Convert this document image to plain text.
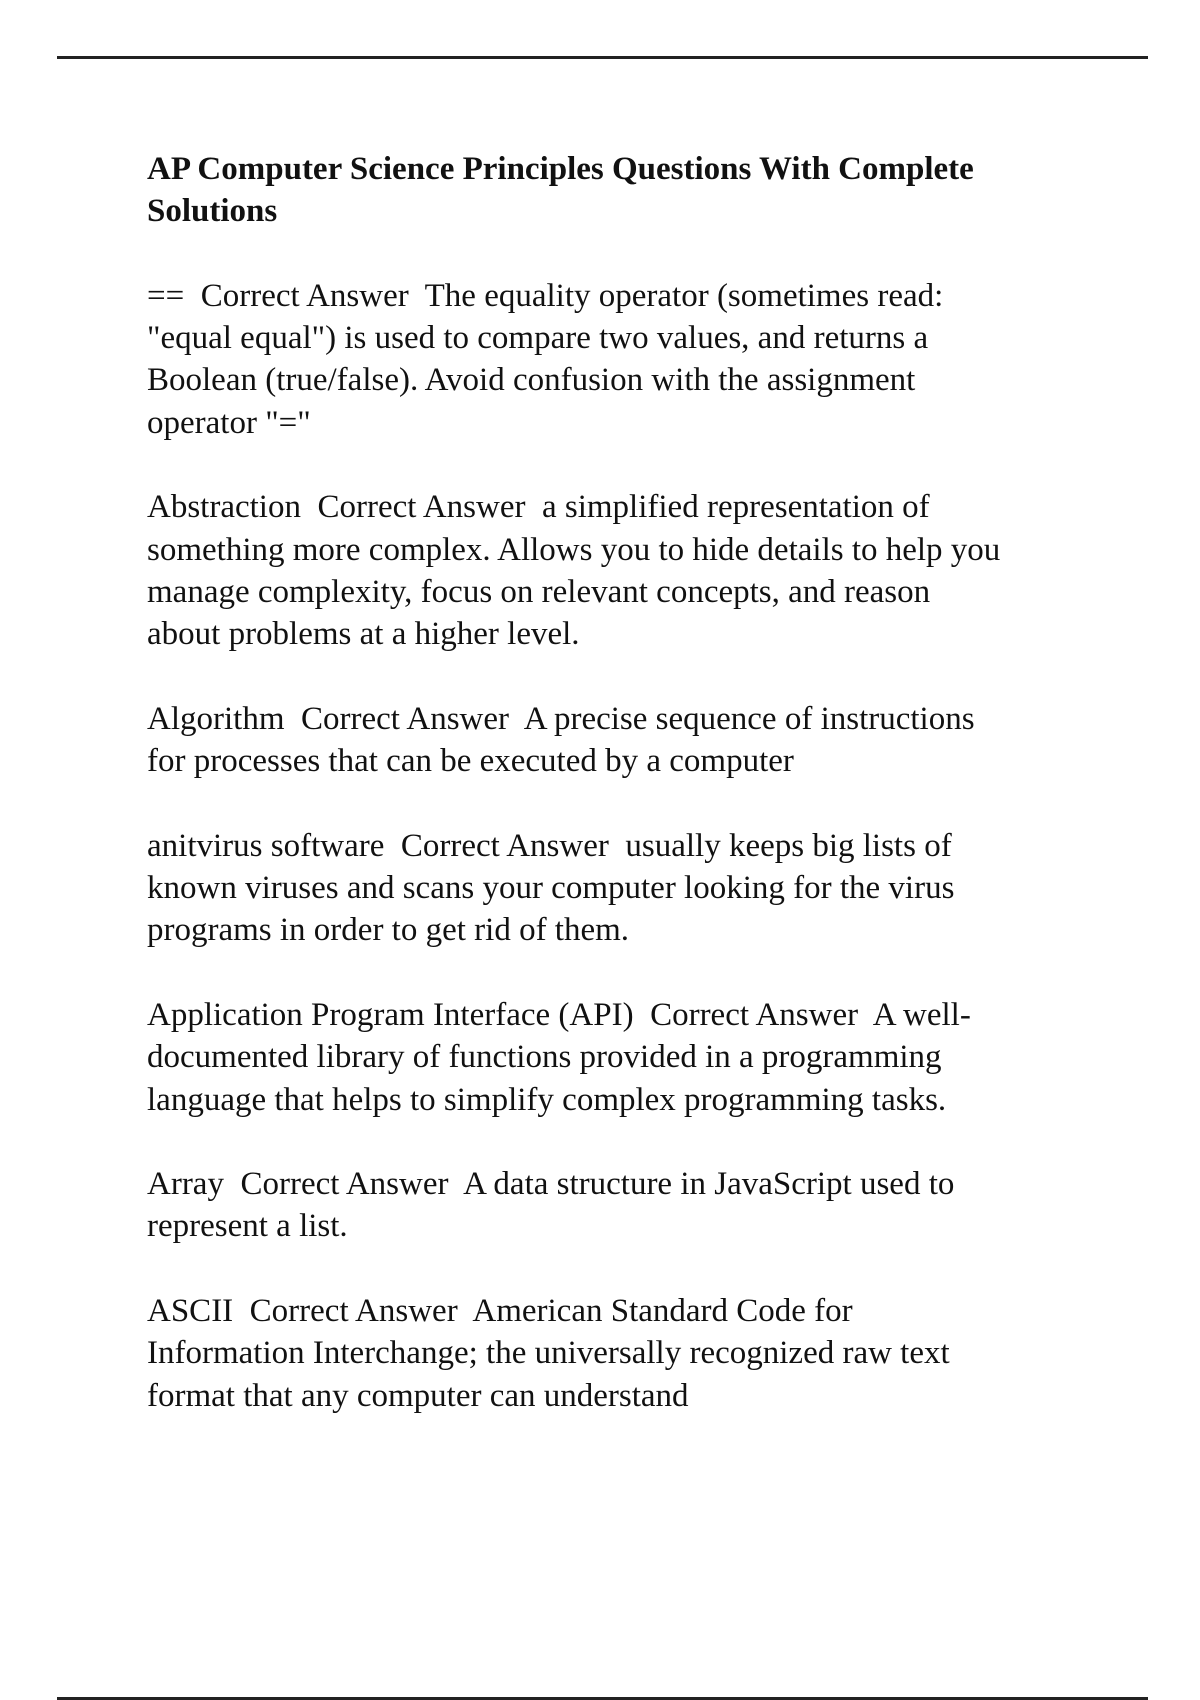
AP Computer Science Principles Questions With Complete
Solutions
==  Correct Answer  The equality operator (sometimes read:
"equal equal") is used to compare two values, and returns a
Boolean (true/false). Avoid confusion with the assignment
operator "="
Abstraction  Correct Answer  a simplified representation of
something more complex. Allows you to hide details to help you
manage complexity, focus on relevant concepts, and reason
about problems at a higher level.
Algorithm  Correct Answer  A precise sequence of instructions
for processes that can be executed by a computer
anitvirus software  Correct Answer  usually keeps big lists of
known viruses and scans your computer looking for the virus
programs in order to get rid of them.
Application Program Interface (API)  Correct Answer  A well-
documented library of functions provided in a programming
language that helps to simplify complex programming tasks.
Array  Correct Answer  A data structure in JavaScript used to
represent a list.
ASCII  Correct Answer  American Standard Code for
Information Interchange; the universally recognized raw text
format that any computer can understand
